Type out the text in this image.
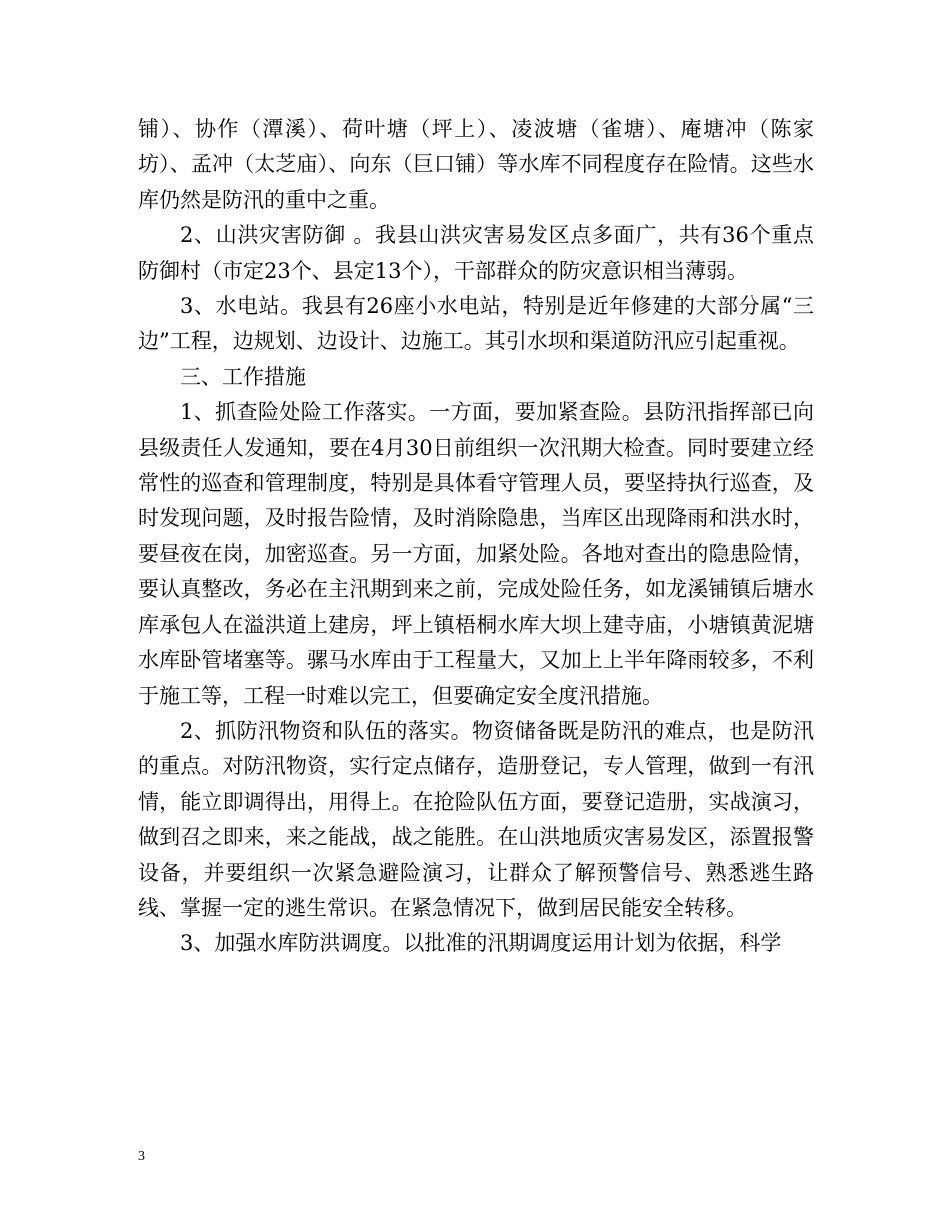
铺）、协作（潭溪）、荷叶塘（坪上）、凌波塘（雀塘）、庵塘冲（陈家坊）、孟冲（太芝庙）、向东（巨口铺）等水库不同程度存在险情。这些水库仍然是防汛的重中之重。

2、山洪灾害防御 。我县山洪灾害易发区点多面广，共有36个重点防御村（市定23个、县定13个），干部群众的防灾意识相当薄弱。

3、水电站。我县有26座小水电站，特别是近年修建的大部分属“三边”工程，边规划、边设计、边施工。其引水坝和渠道防汛应引起重视。

三、工作措施

1、抓查险处险工作落实。一方面，要加紧查险。县防汛指挥部已向县级责任人发通知，要在4月30日前组织一次汛期大检查。同时要建立经常性的巡查和管理制度，特别是具体看守管理人员，要坚持执行巡查，及时发现问题，及时报告险情，及时消除隐患，当库区出现降雨和洪水时，要昼夜在岗，加密巡查。另一方面，加紧处险。各地对查出的隐患险情，要认真整改，务必在主汛期到来之前，完成处险任务，如龙溪铺镇后塘水库承包人在溢洪道上建房，坪上镇梧桐水库大坝上建寺庙，小塘镇黄泥塘水库卧管堵塞等。骡马水库由于工程量大，又加上上半年降雨较多，不利于施工等，工程一时难以完工，但要确定安全度汛措施。

2、抓防汛物资和队伍的落实。物资储备既是防汛的难点，也是防汛的重点。对防汛物资，实行定点储存，造册登记，专人管理，做到一有汛情，能立即调得出，用得上。在抢险队伍方面，要登记造册，实战演习，做到召之即来，来之能战，战之能胜。在山洪地质灾害易发区，添置报警设备，并要组织一次紧急避险演习，让群众了解预警信号、熟悉逃生路线、掌握一定的逃生常识。在紧急情况下，做到居民能安全转移。

3、加强水库防洪调度。以批准的汛期调度运用计划为依据，科学

3
